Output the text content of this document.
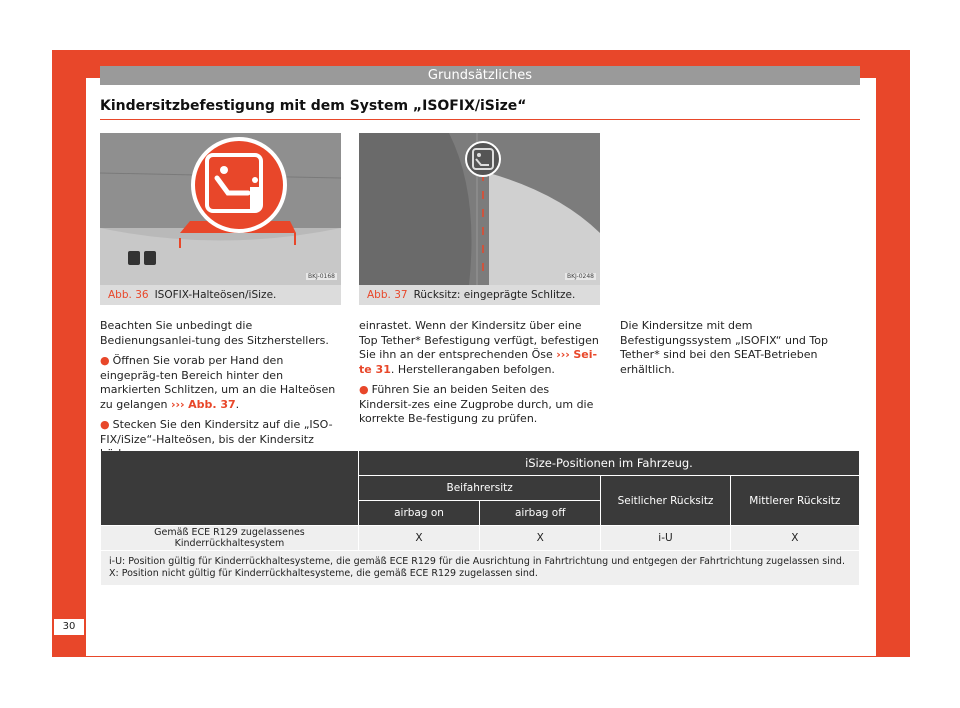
Grundsätzliches
Kindersitzbefestigung mit dem System „ISOFIX/iSize“
BKJ-0168
Abb. 36 ISOFIX-Halteösen/iSize.
BKJ-0248
Abb. 37 Rücksitz: eingeprägte Schlitze.

Beachten Sie unbedingt die Bedienungsanlei-tung des Sitzherstellers.

● Öffnen Sie vorab per Hand den eingepräg-ten Bereich hinter den markierten Schlitzen, um an die Halteösen zu gelangen ››› Abb. 37.

● Stecken Sie den Kindersitz auf die „ISO-FIX/iSize“-Halteösen, bis der Kindersitz

einrastet. Wenn der Kindersitz über eine Top Tether* Befestigung verfügt, befestigen Sie ihn an der entsprechenden Öse ››› Sei-te 31. Herstellerangaben befolgen.

● Führen Sie an beiden Seiten des Kindersit-zes eine Zugprobe durch, um die korrekte Be-festigung zu prüfen.

Die Kindersitze mit dem Befestigungssystem „ISOFIX“ und Top Tether* sind bei den SEAT-Betrieben erhältlich.

	iSize-Positionen im Fahrzeug.			
	Beifahrersitz		Seitlicher Rücksitz	Mittlerer Rücksitz
	airbag on	airbag off		
Gemäß ECE R129 zugelassenes Kinderrückhaltesystem	X	X	i-U	X

i-U: Position gültig für Kinderrückhaltesysteme, die gemäß ECE R129 für die Ausrichtung in Fahrtrichtung und entgegen der Fahrtrichtung zugelassen sind.
X: Position nicht gültig für Kinderrückhaltesysteme, die gemäß ECE R129 zugelassen sind.				
30
